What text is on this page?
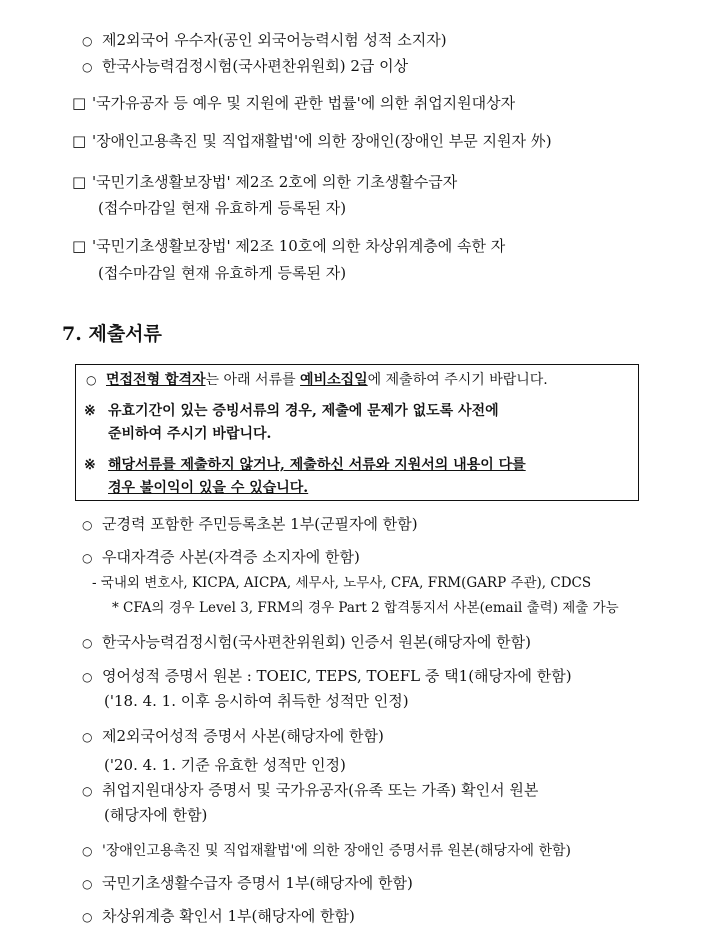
○ 제2외국어 우수자(공인 외국어능력시험 성적 소지자)
○ 한국사능력검정시험(국사편찬위원회) 2급 이상
□ '국가유공자 등 예우 및 지원에 관한 법률'에 의한 취업지원대상자
□ '장애인고용촉진 및 직업재활법'에 의한 장애인(장애인 부문 지원자 外)
□ '국민기초생활보장법' 제2조 2호에 의한 기초생활수급자
(접수마감일 현재 유효하게 등록된 자)
□ '국민기초생활보장법' 제2조 10호에 의한 차상위계층에 속한 자
(접수마감일 현재 유효하게 등록된 자)
7. 제출서류
○ 면접전형 합격자는 아래 서류를 예비소집일에 제출하여 주시기 바랍니다.
※ 유효기간이 있는 증빙서류의 경우, 제출에 문제가 없도록 사전에
준비하여 주시기 바랍니다.
※ 해당서류를 제출하지 않거나, 제출하신 서류와 지원서의 내용이 다를
경우 불이익이 있을 수 있습니다.
○ 군경력 포함한 주민등록초본 1부(군필자에 한함)
○ 우대자격증 사본(자격증 소지자에 한함)
- 국내외 변호사, KICPA, AICPA, 세무사, 노무사, CFA, FRM(GARP 주관), CDCS
* CFA의 경우 Level 3, FRM의 경우 Part 2 합격통지서 사본(email 출력) 제출 가능
○ 한국사능력검정시험(국사편찬위원회) 인증서 원본(해당자에 한함)
○ 영어성적 증명서 원본 : TOEIC, TEPS, TOEFL 중 택1(해당자에 한함)
('18. 4. 1. 이후 응시하여 취득한 성적만 인정)
○ 제2외국어성적 증명서 사본(해당자에 한함)
('20. 4. 1. 기준 유효한 성적만 인정)
○ 취업지원대상자 증명서 및 국가유공자(유족 또는 가족) 확인서 원본
(해당자에 한함)
○ '장애인고용촉진 및 직업재활법'에 의한 장애인 증명서류 원본(해당자에 한함)
○ 국민기초생활수급자 증명서 1부(해당자에 한함)
○ 차상위계층 확인서 1부(해당자에 한함)
